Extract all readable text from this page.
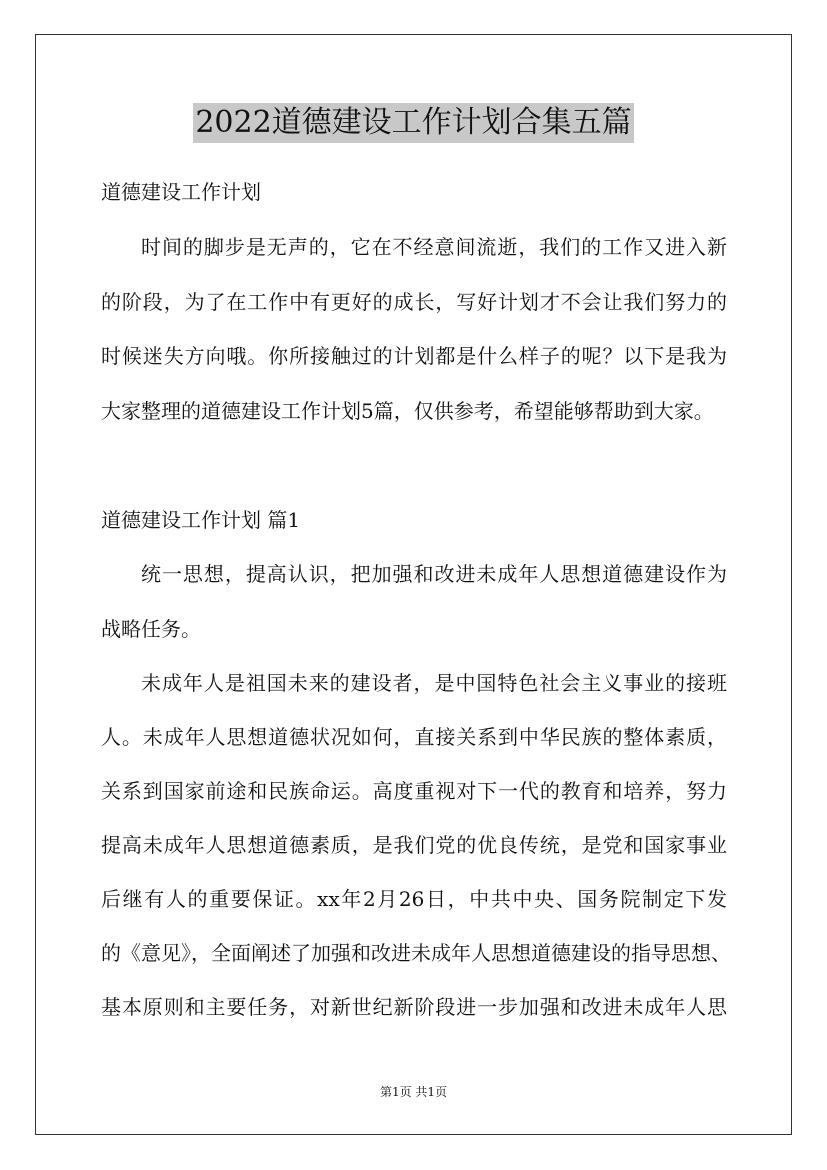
2022道德建设工作计划合集五篇
道德建设工作计划
时间的脚步是无声的，它在不经意间流逝，我们的工作又进入新
的阶段，为了在工作中有更好的成长，写好计划才不会让我们努力的
时候迷失方向哦。你所接触过的计划都是什么样子的呢？以下是我为
大家整理的道德建设工作计划5篇，仅供参考，希望能够帮助到大家。
道德建设工作计划 篇1
统一思想，提高认识，把加强和改进未成年人思想道德建设作为
战略任务。
未成年人是祖国未来的建设者，是中国特色社会主义事业的接班
人。未成年人思想道德状况如何，直接关系到中华民族的整体素质，
关系到国家前途和民族命运。高度重视对下一代的教育和培养，努力
提高未成年人思想道德素质，是我们党的优良传统，是党和国家事业
后继有人的重要保证。xx年2月26日，中共中央、国务院制定下发
的《意见》，全面阐述了加强和改进未成年人思想道德建设的指导思想、
基本原则和主要任务，对新世纪新阶段进一步加强和改进未成年人思
第1页 共1页
